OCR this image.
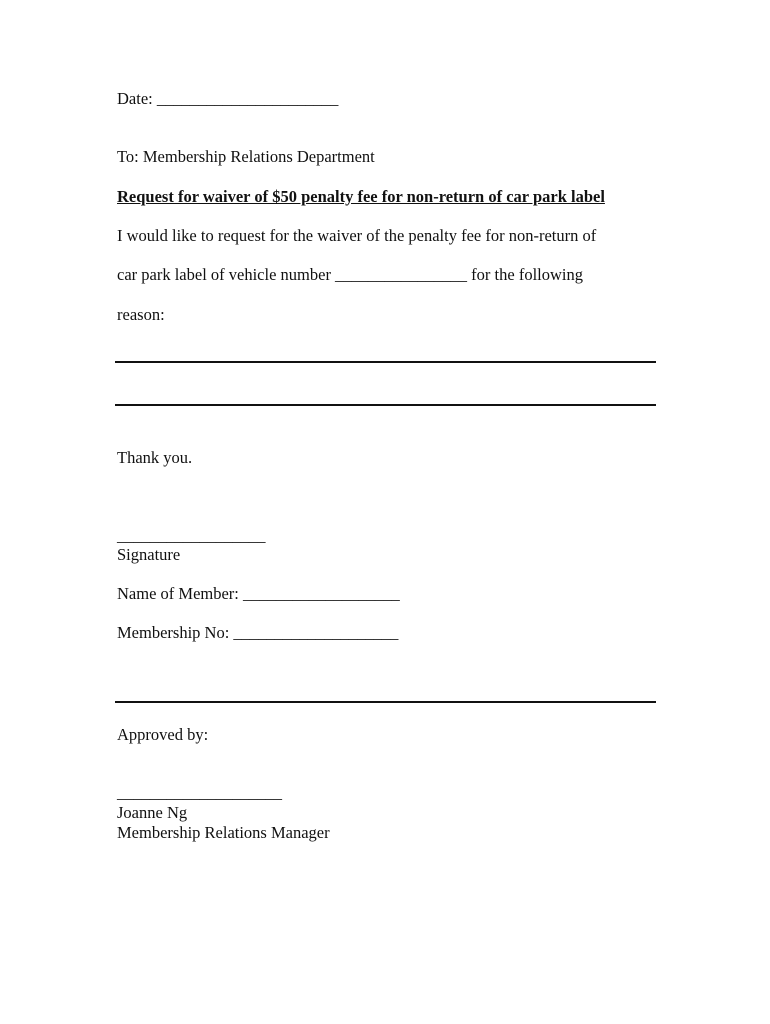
Date: ______________________
To: Membership Relations Department
Request for waiver of $50 penalty fee for non-return of car park label
I would like to request for the waiver of the penalty fee for non-return of
car park label of vehicle number ________________ for the following
reason:
Thank you.
__________________
Signature
Name of Member: ___________________
Membership No: ____________________
Approved by:
____________________
Joanne Ng
Membership Relations Manager
